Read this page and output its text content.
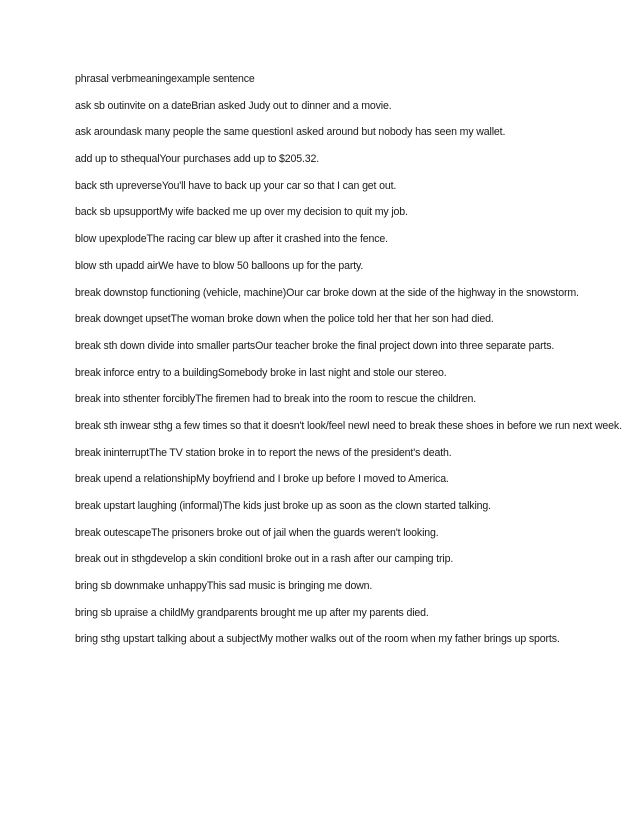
phrasal verbmeaningexample sentence
ask sb outinvite on a dateBrian asked Judy out to dinner and a movie.
ask aroundask many people the same questionI asked around but nobody has seen my wallet.
add up to sthequalYour purchases add up to $205.32.
back sth upreverseYou'll have to back up your car so that I can get out.
back sb upsupportMy wife backed me up over my decision to quit my job.
blow upexplodeThe racing car blew up after it crashed into the fence.
blow sth upadd airWe have to blow 50 balloons up for the party.
break downstop functioning (vehicle, machine)Our car broke down at the side of the highway in the snowstorm.
break downget upsetThe woman broke down when the police told her that her son had died.
break sth down divide into smaller partsOur teacher broke the final project down into three separate parts.
break inforce entry to a buildingSomebody broke in last night and stole our stereo.
break into sthenter forciblyThe firemen had to break into the room to rescue the children.
break sth inwear sthg a few times so that it doesn't look/feel newI need to break these shoes in before we run next week.
break ininterruptThe TV station broke in to report the news of the president's death.
break upend a relationshipMy boyfriend and I broke up before I moved to America.
break upstart laughing (informal)The kids just broke up as soon as the clown started talking.
break outescapeThe prisoners broke out of jail when the guards weren't looking.
break out in sthgdevelop a skin conditionI broke out in a rash after our camping trip.
bring sb downmake unhappyThis sad music is bringing me down.
bring sb upraise a childMy grandparents brought me up after my parents died.
bring sthg upstart talking about a subjectMy mother walks out of the room when my father brings up sports.
